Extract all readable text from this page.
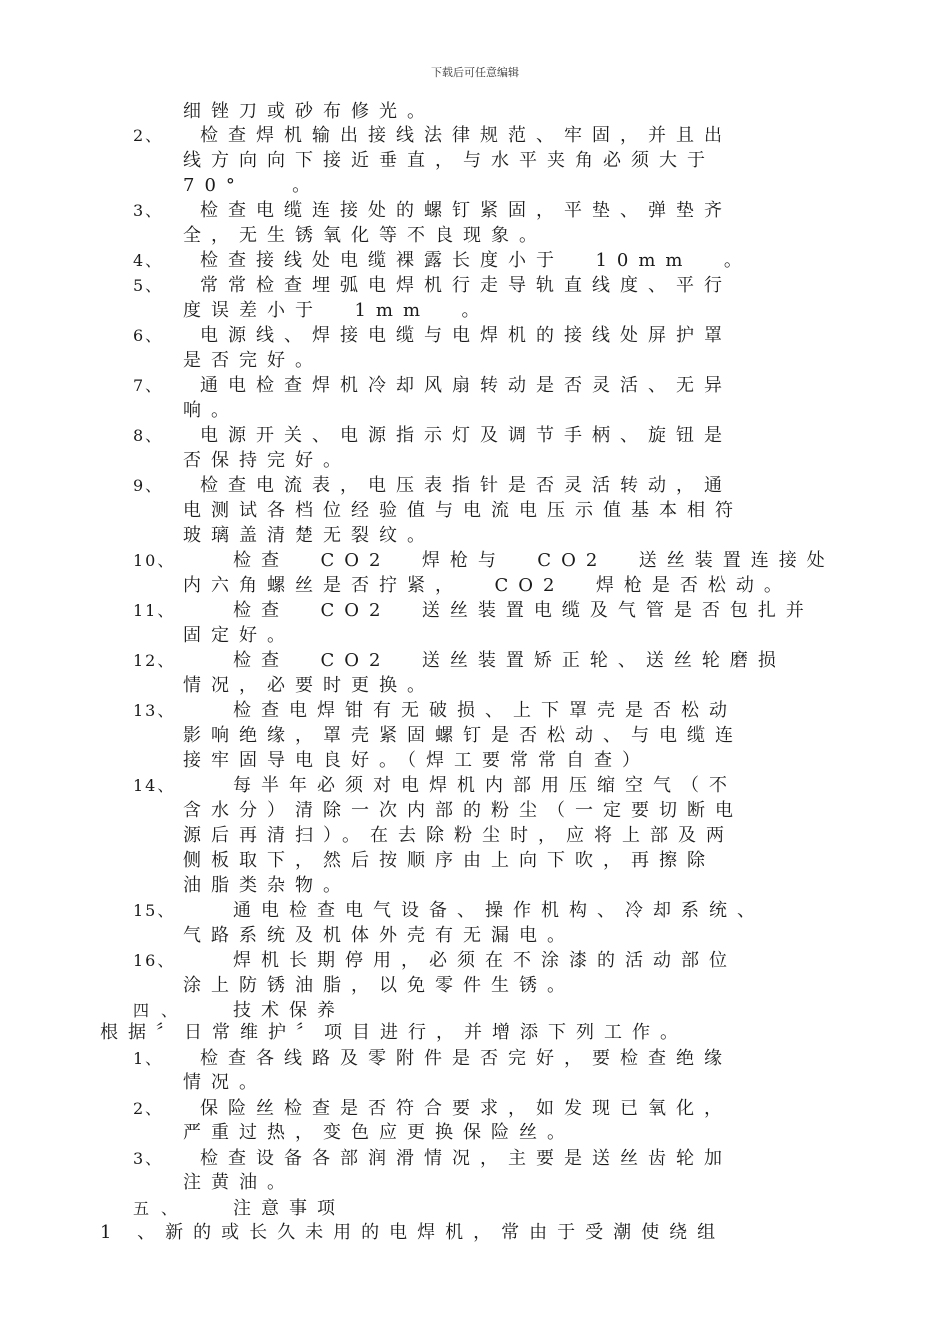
下载后可任意编辑
细锉刀或砂布修光。
2、 检查焊机输出接线法律规范、牢固，并且出
线方向向下接近垂直，与水平夹角必须大于
70°   。
3、 检查电缆连接处的螺钉紧固，平垫、弹垫齐
全，无生锈氧化等不良现象。
4、 检查接线处电缆裸露长度小于  10mm  。
5、 常常检查埋弧电焊机行走导轨直线度、平行
度误差小于  1mm  。
6、 电源线、焊接电缆与电焊机的接线处屏护罩
是否完好。
7、 通电检查焊机冷却风扇转动是否灵活、无异
响。
8、 电源开关、电源指示灯及调节手柄、旋钮是
否保持完好。
9、 检查电流表，电压表指针是否灵活转动，通
电测试各档位经验值与电流电压示值基本相符
玻璃盖清楚无裂纹。
10、	检查  CO2  焊枪与  CO2  送丝装置连接处
内六角螺丝是否拧紧，  CO2  焊枪是否松动。
11、	检查  CO2  送丝装置电缆及气管是否包扎并
固定好。
12、	检查  CO2  送丝装置矫正轮、送丝轮磨损
情况，必要时更换。
13、	检查电焊钳有无破损、上下罩壳是否松动
影响绝缘，罩壳紧固螺钉是否松动、与电缆连
接牢固导电良好。（焊工要常常自查）
14、	每半年必须对电焊机内部用压缩空气（不
含水分）清除一次内部的粉尘（一定要切断电
源后再清扫）。在去除粉尘时，应将上部及两
侧板取下，然后按顺序由上向下吹，再擦除
油脂类杂物。
15、	通电检查电气设备、操作机构、冷却系统、
气路系统及机体外壳有无漏电。
16、	焊机长期停用，必须在不涂漆的活动部位
涂上防锈油脂，以免零件生锈。
四、 技术保养
根据〞日常维护〞项目进行，并增添下列工作。
1、 检查各线路及零附件是否完好，要检查绝缘
情况。
2、 保险丝检查是否符合要求，如发现已氧化，
严重过热，变色应更换保险丝。
3、 检查设备各部润滑情况，主要是送丝齿轮加
注黄油。
五、 注意事项
1 、新的或长久未用的电焊机，常由于受潮使绕组
